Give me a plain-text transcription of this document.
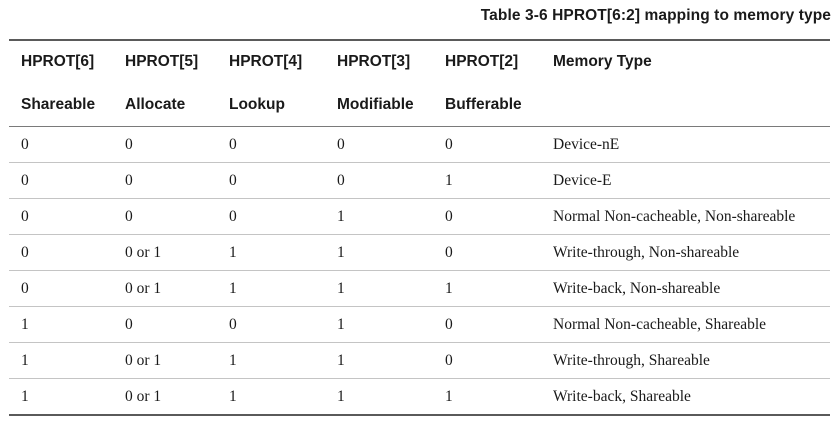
Table 3-6 HPROT[6:2] mapping to memory type
HPROT[6]	HPROT[5]	HPROT[4]	HPROT[3]	HPROT[2]	Memory Type
Shareable	Allocate	Lookup	Modifiable	Bufferable	
0	0	0	0	0	Device-nE
0	0	0	0	1	Device-E
0	0	0	1	0	Normal Non-cacheable, Non-shareable
0	0 or 1	1	1	0	Write-through, Non-shareable
0	0 or 1	1	1	1	Write-back, Non-shareable
1	0	0	1	0	Normal Non-cacheable, Shareable
1	0 or 1	1	1	0	Write-through, Shareable
1	0 or 1	1	1	1	Write-back, Shareable
